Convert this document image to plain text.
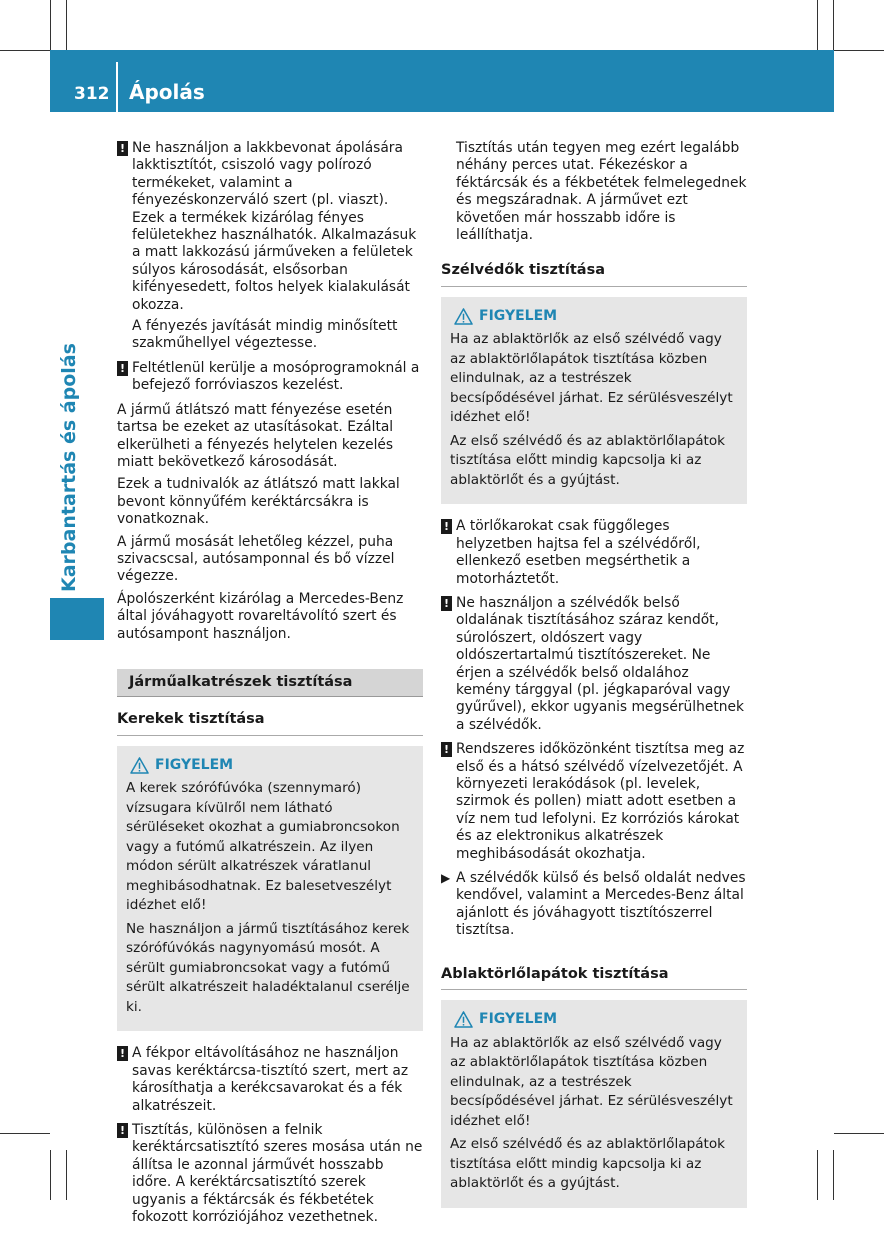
312 Ápolás
Karbantartás és ápolás
! Ne használjon a lakkbevonat ápolására lakktisztítót, csiszoló vagy polírozó termékeket, valamint a fényezéskonzerváló szert (pl. viaszt). Ezek a termékek kizárólag fényes felületekhez használhatók. Alkalmazásuk a matt lakkozású járműveken a felületek súlyos károsodását, elsősorban kifényesedett, foltos helyek kialakulását okozza.
A fényezés javítását mindig minősített szakműhellyel végeztesse.
! Feltétlenül kerülje a mosóprogramoknál a befejező forróviaszos kezelést.
A jármű átlátszó matt fényezése esetén tartsa be ezeket az utasításokat. Ezáltal elkerülheti a fényezés helytelen kezelés miatt bekövetkező károsodását.
Ezek a tudnivalók az átlátszó matt lakkal bevont könnyűfém keréktárcsákra is vonatkoznak.
A jármű mosását lehetőleg kézzel, puha szivacscsal, autósamponnal és bő vízzel végezze.
Ápolószerként kizárólag a Mercedes-Benz által jóváhagyott rovareltávolító szert és autósampont használjon.
Járműalkatrészek tisztítása
Kerekek tisztítása
FIGYELEM
A kerek szórófúvóka (szennymaró) vízsugara kívülről nem látható sérüléseket okozhat a gumiabroncsokon vagy a futómű alkatrészein. Az ilyen módon sérült alkatrészek váratlanul meghibásodhatnak. Ez balesetveszélyt idézhet elő!
Ne használjon a jármű tisztításához kerek szórófúvókás nagynyomású mosót. A sérült gumiabroncsokat vagy a futómű sérült alkatrészeit haladéktalanul cserélje ki.
! A fékpor eltávolításához ne használjon savas keréktárcsa-tisztító szert, mert az károsíthatja a kerékcsavarokat és a fék alkatrészeit.
! Tisztítás, különösen a felnik keréktárcsatisztító szeres mosása után ne állítsa le azonnal járművét hosszabb időre. A keréktárcsatisztító szerek ugyanis a féktárcsák és fékbetétek fokozott korróziójához vezethetnek.
Tisztítás után tegyen meg ezért legalább néhány perces utat. Fékezéskor a féktárcsák és a fékbetétek felmelegednek és megszáradnak. A járművet ezt követően már hosszabb időre is leállíthatja.
Szélvédők tisztítása
FIGYELEM
Ha az ablaktörlők az első szélvédő vagy az ablaktörlőlapátok tisztítása közben elindulnak, az a testrészek becsípődésével járhat. Ez sérülésveszélyt idézhet elő!
Az első szélvédő és az ablaktörlőlapátok tisztítása előtt mindig kapcsolja ki az ablaktörlőt és a gyújtást.
! A törlőkarokat csak függőleges helyzetben hajtsa fel a szélvédőről, ellenkező esetben megsérthetik a motorháztetőt.
! Ne használjon a szélvédők belső oldalának tisztításához száraz kendőt, súrolószert, oldószert vagy oldószertartalmú tisztítószereket. Ne érjen a szélvédők belső oldalához kemény tárggyal (pl. jégkaparóval vagy gyűrűvel), ekkor ugyanis megsérülhetnek a szélvédők.
! Rendszeres időközönként tisztítsa meg az első és a hátsó szélvédő vízelvezetőjét. A környezeti lerakódások (pl. levelek, szirmok és pollen) miatt adott esetben a víz nem tud lefolyni. Ez korróziós károkat és az elektronikus alkatrészek meghibásodását okozhatja.
▶ A szélvédők külső és belső oldalát nedves kendővel, valamint a Mercedes-Benz által ajánlott és jóváhagyott tisztítószerrel tisztítsa.
Ablaktörlőlapátok tisztítása
FIGYELEM
Ha az ablaktörlők az első szélvédő vagy az ablaktörlőlapátok tisztítása közben elindulnak, az a testrészek becsípődésével járhat. Ez sérülésveszélyt idézhet elő!
Az első szélvédő és az ablaktörlőlapátok tisztítása előtt mindig kapcsolja ki az ablaktörlőt és a gyújtást.
